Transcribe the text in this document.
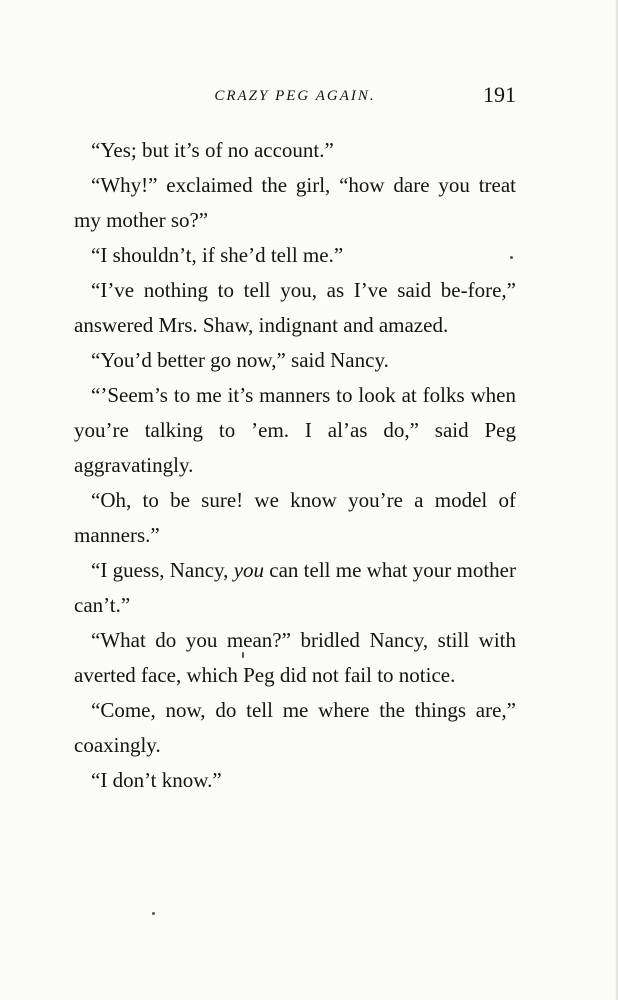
CRAZY PEG AGAIN.	191

“Yes; but it’s of no account.”

“Why!” exclaimed the girl, “how dare you treat my mother so?”

“I shouldn’t, if she’d tell me.”

“I’ve nothing to tell you, as I’ve said be-fore,” answered Mrs. Shaw, indignant and amazed.

“You’d better go now,” said Nancy.

“’Seem’s to me it’s manners to look at folks when you’re talking to ’em. I al’as do,” said Peg aggravatingly.

“Oh, to be sure! we know you’re a model of manners.”

“I guess, Nancy, you can tell me what your mother can’t.”

“What do you mean?” bridled Nancy, still with averted face, which Peg did not fail to notice.

“Come, now, do tell me where the things are,” coaxingly.

“I don’t know.”
